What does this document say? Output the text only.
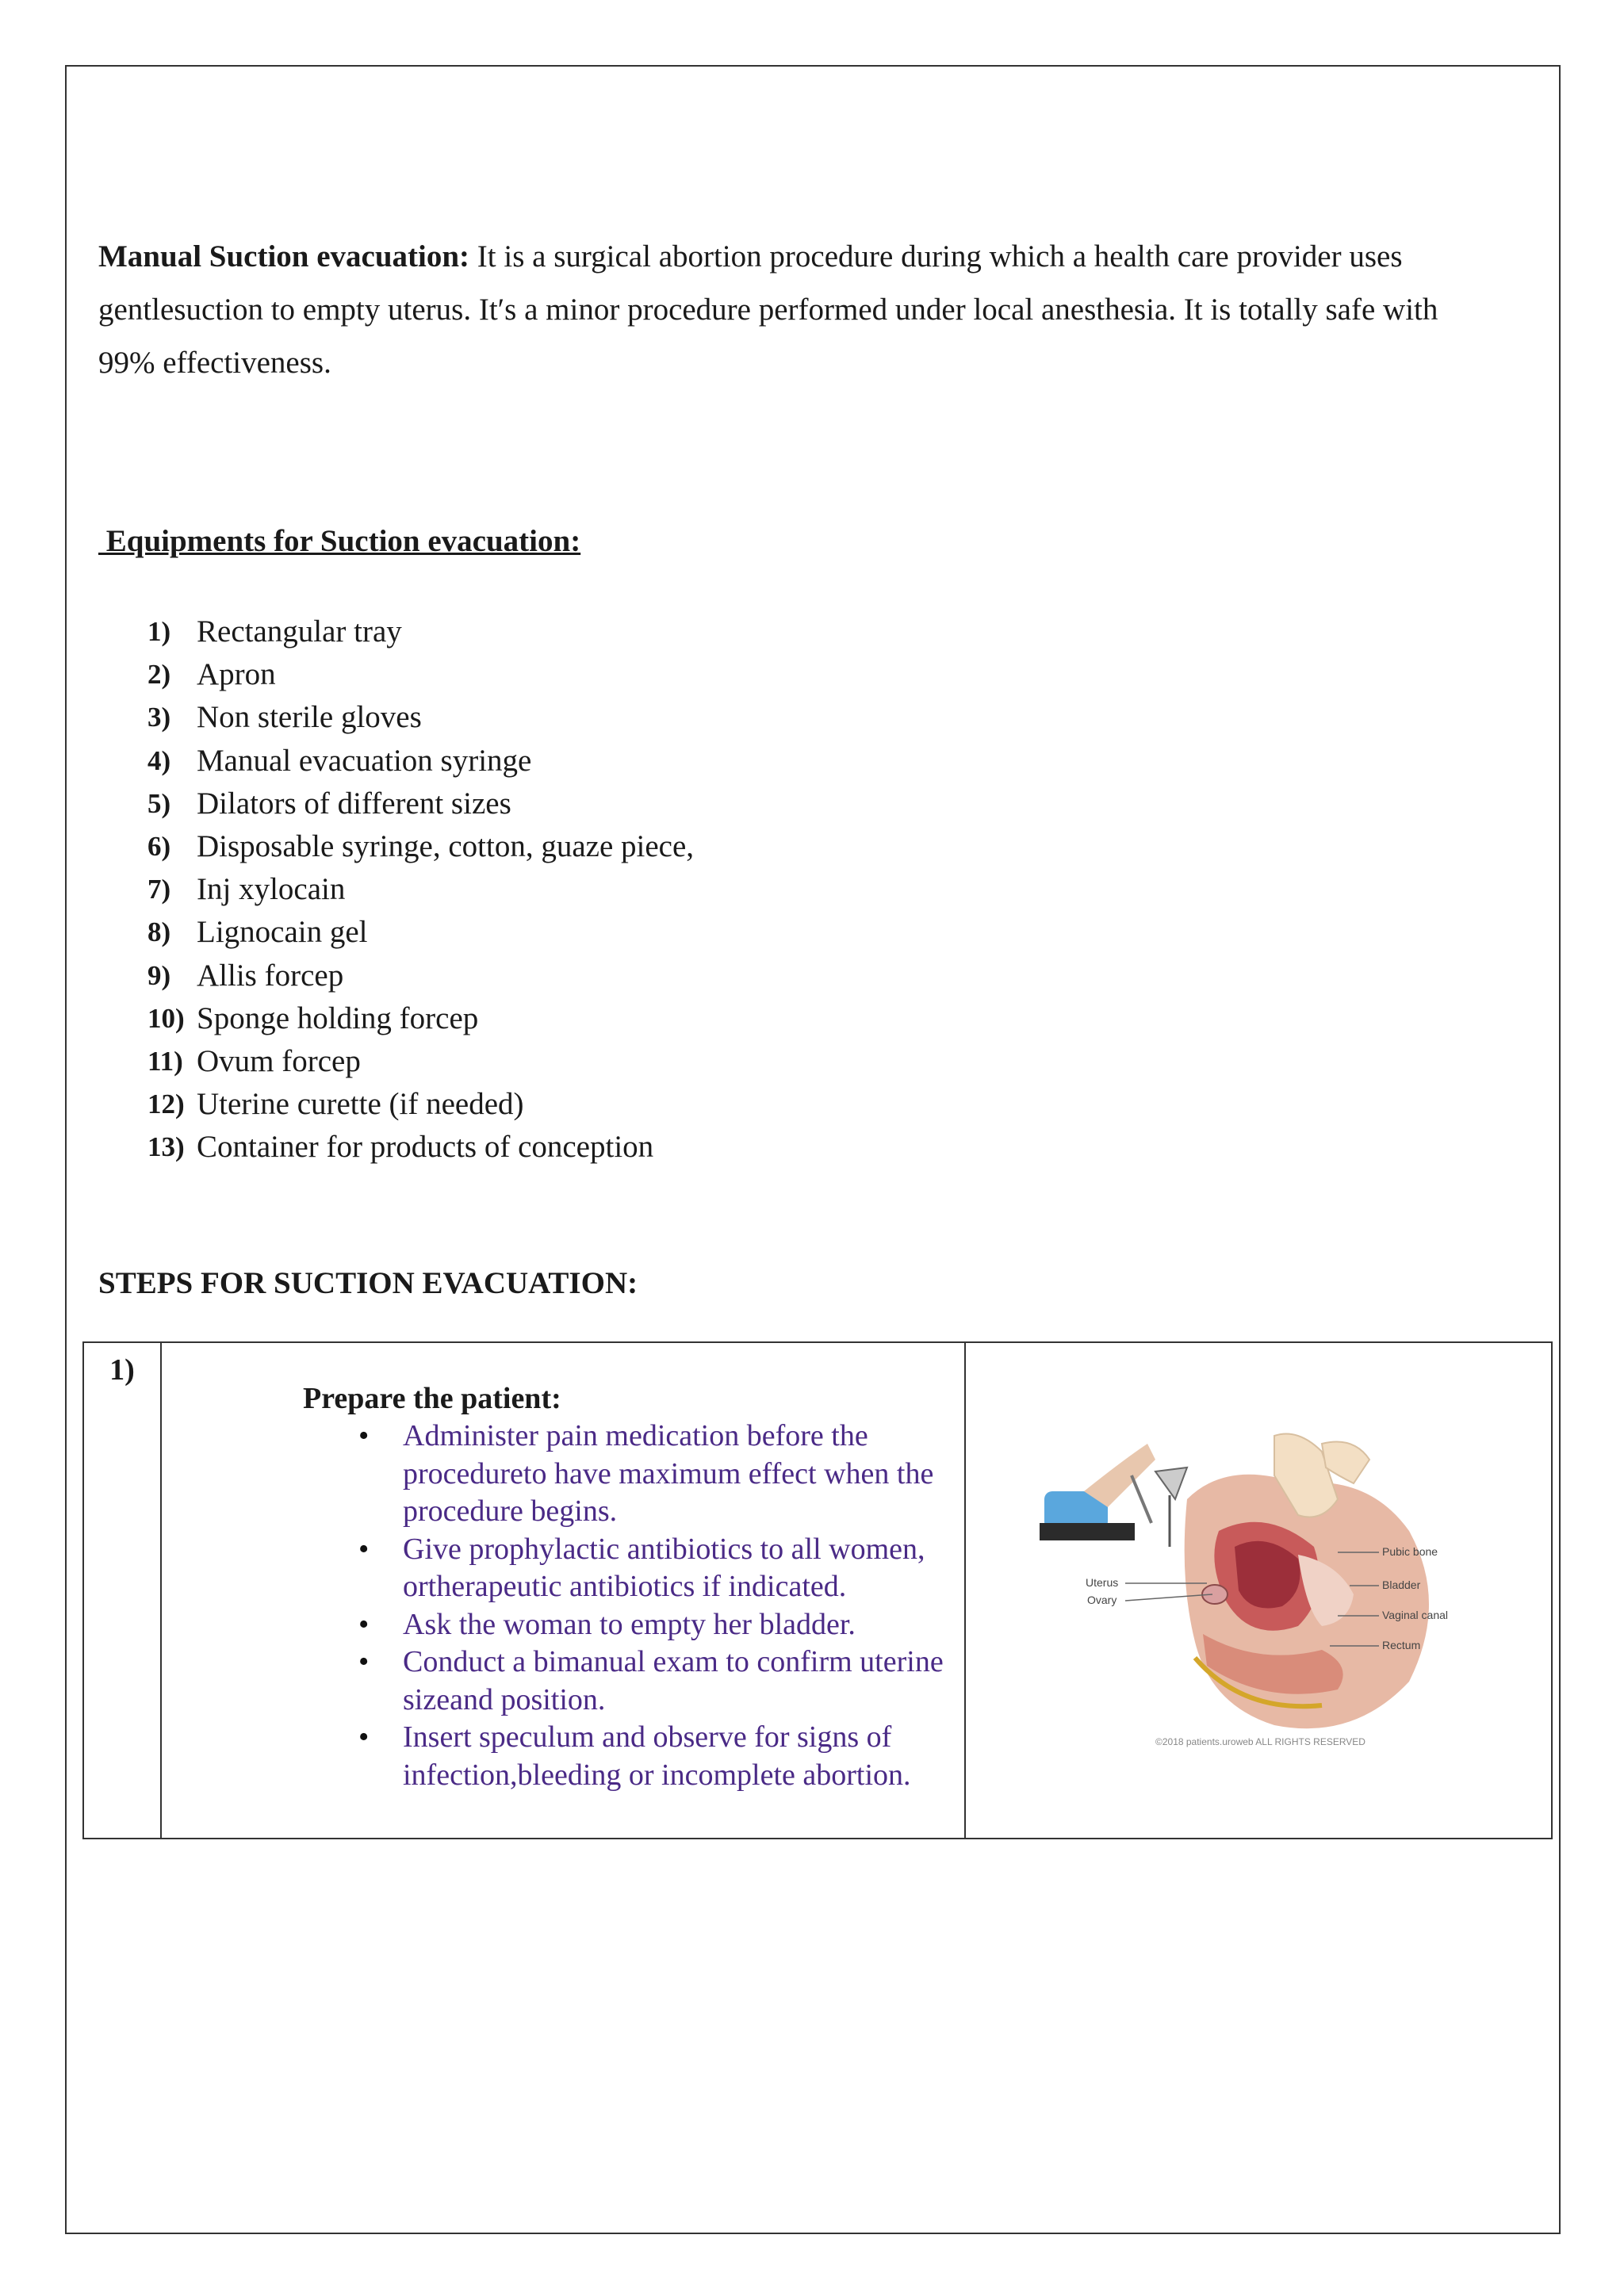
Manual Suction evacuation: It is a surgical abortion procedure during which a health care provider uses gentlesuction to empty uterus. It′s a minor procedure performed under local anesthesia. It is totally safe with 99% effectiveness.

Equipments for Suction evacuation:
1) Rectangular tray
2) Apron
3) Non sterile gloves
4) Manual evacuation syringe
5) Dilators of different sizes
6) Disposable syringe, cotton, guaze piece,
7) Inj xylocain
8) Lignocain gel
9) Allis forcep
10) Sponge holding forcep
11) Ovum forcep
12) Uterine curette (if needed)
13) Container for products of conception
STEPS FOR SUCTION EVACUATION:
1)

Prepare the patient:
• Administer pain medication before the procedureto have maximum effect when the procedure begins.
• Give prophylactic antibiotics to all women, ortherapeutic antibiotics if indicated.
• Ask the woman to empty her bladder.
• Conduct a bimanual exam to confirm uterine sizeand position.
• Insert speculum and observe for signs of infection,bleeding or incomplete abortion.

Uterus
Ovary
Pubic bone
Bladder
Vaginal canal
Rectum
©2018 patients.uroweb ALL RIGHTS RESERVED
